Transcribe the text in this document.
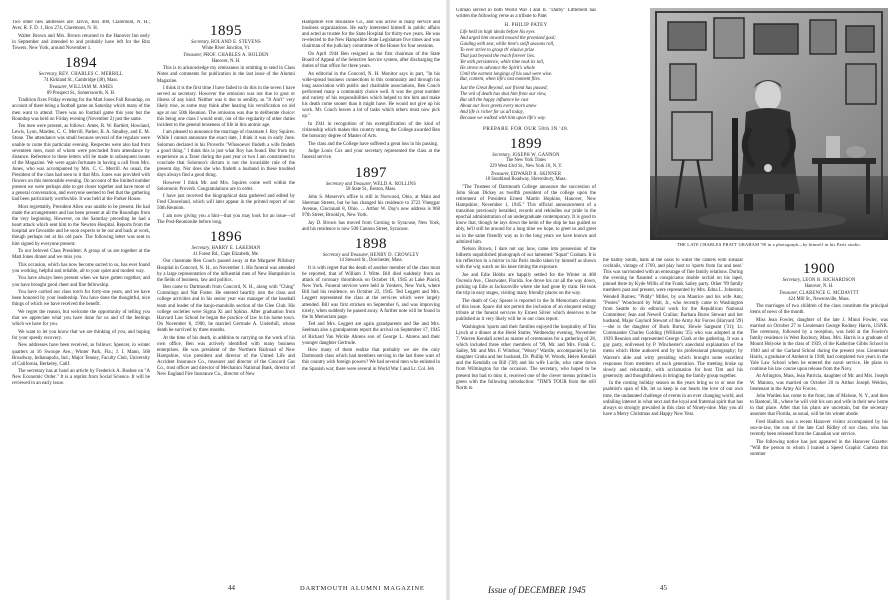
Two other new addresses are: Jarvis, Box 400, Claremont, N. H.; Aver, R. F. D. 1, Box 274, Claremont, N. H.

Walter Brown and Mrs. Brown returned to the Hanover Inn early in September and intended to and probably have left for the Ritz Towers, New York, around November 1.

1894
Secretary, REV. CHARLES C. MERRILL
74 Kirkland St., Cambridge (38), Mass.
Treasurer, WILLIAM M. AMES
89 Prospect St., Somersworth, N. H.

Tradition fixes Friday evening for the Matt Jones Fall Roundup, on account of there being a football game on Saturday which many of the men want to attend. There was no football game this year but the Roundup was held on Friday evening (November 2) just the same.

Ten men were present, as follows: Ames, R. W. Bartlett, Howland, Lewis, Lyon, Marden, C. C. Merrill, Parker, B. A. Smalley, and E. M. Stone. The attendance was small because several of the regulars were unable to come this particular evening. Respectes were also had from seventeen men, most of whom were precluded from attendance by distance. Reference to these letters will be made in subsequent issues of the Magazine. We were again fortunate in having a call from Mrs. Jones, who was accompanied by Mrs. C. C. Merrill. As usual, the President of the class had seen to it that Mrs. Jones was provided with flowers on this memorable evening. On account of the limited number present we were perhaps able to get closer together and have more of a general conversation, and everyone seemed to feel that the gathering had been particularly worthwhile. It was held at the Parker House.

Most regrettably, President Allen was unable to be present. He had made the arrangements and has been present at all the Roundups from the very beginning. However, on the Saturday preceding he had a heart attack which sent him to the Newton Hospital. Reports from the hospital are favorable and he soon expects to be out and back at work, though perhaps not at his old pace. The following letter was sent to him signed by everyone present:

To our beloved Class President: A group of us are together at the Matt Jones dinner and we miss you.

This occasion, which has now become sacred to us, has ever found you working, helpful and reliable, all to your quiet and modest way.

You have always been present when we have gotten together, and you have brought good cheer and fine fellowship.

You have carried our class torch for forty-one years, and we have been honored by your leadership. You have done the thoughtful, nice things of which we have received the benefit.

We regret the reason, but welcome the opportunity of telling you that we appreciate what you have done for us and of the feelings which we have for you.

We want to let you know that we are thinking of you, and hoping for your speedy recovery.

New addresses have been received, as follows: Spencer, in winter quarters at 16 Swoope Ave., Winter Park, Fla.; J. I. Mann, 568 Broadway, Indianapolis, Ind.; Major Tenney, Faculty Club, University of California, Berkeley, Calif.

The secretary has at hand an article by Frederick A. Bushee on "A New Economic Order." It is a reprint from Social Science. It will be reviewed in an early issue.

1895
Secretary, ROLAND E. STEVENS
White River Junction, Vt.
Treasurer, PROF. CHARLES A. HOLDEN
Hanover, N. H.

This is to acknowledge my remissness in omitting to send in Class Notes and comments for publication in the last issue of the Alumni Magazine.

I think it is the first time I have failed to do this in the seven I have served as secretary. However the omission was not due to gout or illness of any kind. Neither was it due to senility, as "It Ain't" very likely true, as some may think after hearing his versification on old age at our 50th Reunion. The omission was due to deliberate choice: this being one class I would omit, out of the regularity of other duties incident to the general tenseness of life in this atomic age.

I am pleased to announce the marriage of classmate J. Roy Squires. While I cannot announce the exact date, I think it was in early June. Solomon declared in his Proverbs "Whosoever findeth a wife findeth a good thing." I think this is just what Roy has found. But from my experience as a Taxer during the past year or two I am constrained to conclude that Solomon's dictum is not the invariable rule of the present day. Nor does she who findeth a husband in these troubled days always find a good thing.

However I think Mr. and Mrs. Squires come well within the Solomonic Proverb. Congratulations are in order.

I have just received the biographical data gathered and edited by Fred Cleaveland, which will later appear in the printed report of our 50th Reunion.

I am now giving you a hint—that you may look for an issue—of The Post-Reunionite before long.

1896
Secretary, HARRY E. LAKEMAN
41 Forest Rd., Cape Elizabeth, Me.

Our classmate Ben Couch passed away at the Margaret Pillsbury Hospital in Concord, N. H., on November 1. His funeral was attended by a large representation of the influential men of New Hampshire in the fields of business, law and politics.

Ben came to Dartmouth from Concord, N. H., along with "Ching" Cummings and Nat Foster. He entered heartily into the class and college activities and in his senior year was manager of the baseball team and leader of the banjo-mandolin section of the Glee Club. His college societies were Sigma Xi and Sphinx. After graduation from Harvard Law School he began the practice of law in his home town. On November 8, 1900, he married Gertrude A. Underhill, whose death he survived by three months.

At the time of his death, in addition to carrying on the work of his own office, Ben was actively identified with many business enterprises. He was president of the Northern Railroad of New Hampshire, vice president and director of the United Life and Accident Insurance Co., treasurer and director of the Concord Gas Co., trust officer and director of Mechanics National Bank, director of New England Fire Insurance Co., director of New

Hampshire Fire Insurance Co., and was active in many service and business organizations. He early interested himself in public affairs and acted as trustee for the State Hospital for thirty-two years. He was re-elected to the New Hampshire State Legislature five times and was chairman of the judiciary committee of the House for four sessions.

On April 1944 Ben resigned as the first chairman of the State Board of Appeal of the Selective Service system, after discharging the duties of that office for three years.

An editorial in the Concord, N. H. Monitor says in part, "In his wide-spread business connections in this community and through his long association with public and charitable associations, Ben Couch performed many a community choice well. It was the great number and variety of his responsibilities which helped to tire him and make his death come sooner than it might have. He would not give up his work. Mr. Couch leaves a lot of tasks which others must now pick up."

In 1941 in recognition of his exemplification of the kind of citizenship which makes this country strong, the College awarded Ben the honorary degree of Master of Arts.

The class and the College have suffered a great loss in his passing.

Judge Louis Cox and your secretary represented the class at the funeral service.

1897
Secretary and Treasurer, WELD A. ROLLINS
58 State St., Boston, Mass.

John S. Meserve's office is still in Norwood, Ohio, at Main and Sherman Streets, but he has changed his residence to 3723 Vineggar Avenue, Cincinnati 8, Ohio. ... Arthur W. Day's new address is 968 97th Street, Brooklyn, New York.

Jay D. Brown has moved from Corning to Syracuse, New York, and his residence is now 500 Cannon Street, Syracuse.

1898
Secretary and Treasurer, HENRY D. CROWLEY
14 Steward St., Dorchester, Mass.

It is with regret that the death of another member of the class must be reported, that of William J. Witte. Bill died suddenly from an attack of coronary thrombosis on October 18, 1945 at Lake Placid, New York. Funeral services were held in Yonkers, New York, where Bill had his residence, on October 22, 1945. Ted Leggett and Mrs. Leggett represented the class at the services which were largely attended. Bill was first stricken on September 6, and was improving nicely, when suddenly he passed away. A further note will be found in the In Memoriam page.

Ted and Mrs. Leggett are again grandparents and Ike and Mrs. Seelman also a grandparents report the arrival on September 17, 1945 of Richard Van Wickle Ahrens son of George L. Ahrens and their younger daughter Gertrude.

How many of them realize that probably we are the only Dartmouth class which had members serving in the last three wars of this country with foreign powers? We had several men who enlisted in the Spanish war; there were several in World War I and Lt. Col. Jeh

44	DARTMOUTH ALUMNI MAGAZINE

Gilman served in both World War I and II. "Darby" Littlefield has written the following verse as a tribute to Pate:

H. PHILIP PATEY
Life held its high ideals before his eyes
And urged him onward toward the promised goal;
Guiding with zest, while time's swift seasons roll,
To ever strive to grasp th' elusive prize
That just beyond the reach forever lies.
Yet with persistence, while time took its toll,
He strove to advance the Spirit's whole
Until the earnest longings of his soul were wise.
But, content, when life's last moment flies.
Just the Great Beyond, our friend has passed;
The veil of death has shut him from our view,
But still the happy influence he cast
About our lives greets every morn anew
And life is richer for us all today,
Because we walked with him upon life's way.
PREPARE FOR OUR 50th IN '48.
1899
Secretary, JOSEPH W. GANNON
The New York Times
229 West 43rd St., New York 18, N. Y.
Treasurer, EDWARD R. SKINNER
18 Southland Roadway, Shrewsbury, Mass.

"The Trustees of Dartmouth College announce the succession of John Sloan Dickey as twelfth president of the college upon the retirement of President Ernest Martin Hopkins, Hanover, New Hampshire, November 1, 1945." This official announcement of a transition previously heralded, records and rekindles our pride in the epochal administration of an undergraduate contemporary. It is good to know that, though he lays down the helm of the ship he has guided so ably, he'll still be around for a long time we hope, to greet us and greet us in the same friendly way as in the long years we have known and admired him.

Nelson Brown, I dare not say how, came into possession of the hitherto unpublished photograph of our lamented "Squat" Graham. It is his reflection in a mirror in his Paris studio taken by himself as shown with the wig watch on his knee timing the exposure.

Joe and Edie Hobbs are happily settled for the Winter at 468 Osceola Ave., Clearwater, Florida. Joe drove his car all the way down, picking up Edie at Jacksonville where she had gone by train. He took the trip in easy stages, visiting many friendly places on the way.

The death of Guy Speare is reported in the In Memoriam columns of this issue. Space did not permit the inclusion of an eloquent eulogy tribute at the funeral services by Ernest Silver which deserves to be published as it very likely will be in our class report.

Washington 'sports and their families enjoyed the hospitality of Tim Lynch at a dinner at the Hotel Statler, Wednesday evening, November 7. Warren Kendall acted as master of ceremonies for a gathering of 28, which included three other members of '99, Mr. and Mrs. Frank C. Sailey, Mr. and Mrs. F. Windsor, "Weary" Wardle, accompanied by his daughter Gratia and her husband, Dr. Phillip W. Woods, Helen Kendall and the Kendalls on Bill ('38) and his wife Lucile, who came down from Wilmington for the occasion. The secretary, who hoped to be present but had to miss it, received one of the clever menus printed in green with the following introduction: "TIM'S TOUR from the still North to

the balmy South, halts at the oasis to water the camels with Eleazar cocktails, vintage of 1769, and play host to 'sports from far and near.' This was surrounded with an entourage of fine family relations. During the evening he flaunted a conspicuous double orchid on his lapel, pinned there by Kyde Willis of the Frank Sailey party. Other '99 family members past and present, were represented by Mrs. Edna L. Johnston; Wendell Barnes; "Piddy" Miller, by son Maurice and his wife Ann; "Posteo" Woodward by Walt, Jr., who recently came to Washington from Seattle to do editorial work for the Republican National Committee; Jean and Newell Crallan; Barbara Burns Stewart and her husband, Major Gaylord Stewart of the Army Air Forces (Harvard '29)—she is the daughter of Buck Burns; Howie Sargeant ('31); Lt. Commander Charles Golding (Williams '25) who was adopted at the 1939 Reunion and represented George Clark at the gathering. It was a gay party, enlivened by P. Winchester's anecdotal explanation of the menu which Hobe authored and by his professional photography; by Warren's able and witty presiding which brought some excellent responses from members of each generation. The meeting broke up slowly and reluctantly, with acclamation for host Tim and his generosity and thoughtfulness in bringing the family group together.

In the coming holiday season as the years bring us to or near the psalmist's span of life, let us keep in our hearts the love of our own time, the undaunted challenge of events in an ever changing world, and unfailing interest in what next and the loyal and fraternal spirit that has always so strongly prevailed in this class of Ninety-nine. May you all have a Merry Christmas and Happy New Year.

1900
Secretary, LEON B. RICHARDSON
Hanover, N. H.
Treasurer, CLARENCE G. MCDAVITT
424 Mill St., Newtonville, Mass.

The marriages of two children of the class constitute the principal items of news of the month.

Miss Jean Fowler, daughter of the late J. Minot Fowler, was married on October 27 to Lieutenant George Rodney Harris, USNR. The ceremony, followed by a reception, was held at the Fowler's family residence in West Roxbury, Mass. Mrs. Harris is a graduate of Mount Holyoke in the class of 1939, of the Katherine Gibbs School in 1940 and of the Garland School during the present year. Lieutenant Harris, a graduate of Amherst in 1940, had completed two years in the Yale Law School when he entered the naval service. He plans to continue his law course upon release from the Navy.

At Arlington, Mass, Jean Patricia, daughter of Mr. and Mrs. Joseph W. Manion, was married on October 20 to Arthur Joseph Weldon, lieutenant in the Army Air Forces.

John Warden has come to the front, late of Malone, N. Y., and then to Rantoul, Ill., where he will visit his son and wife in their new home in that place. After that his plans are uncertain, but the secretary assumes that Florida, as usual, will be his winter abode.

Fred Hadlock was a recent Hanover visitor accompanied by his son-in-law, the son of the late Carl Ridley of our class, who has recently been released from the Canadian war service.

The following notice has just appeared in the Hanover Gazette: "Will the person to whom I loaned a Speed Graphic Camera this summer

Issue of DECEMBER 1945	45
THE LATE CHARLES PRATT GRAHAM '99 in a photograph—by himself in his Paris studio.
